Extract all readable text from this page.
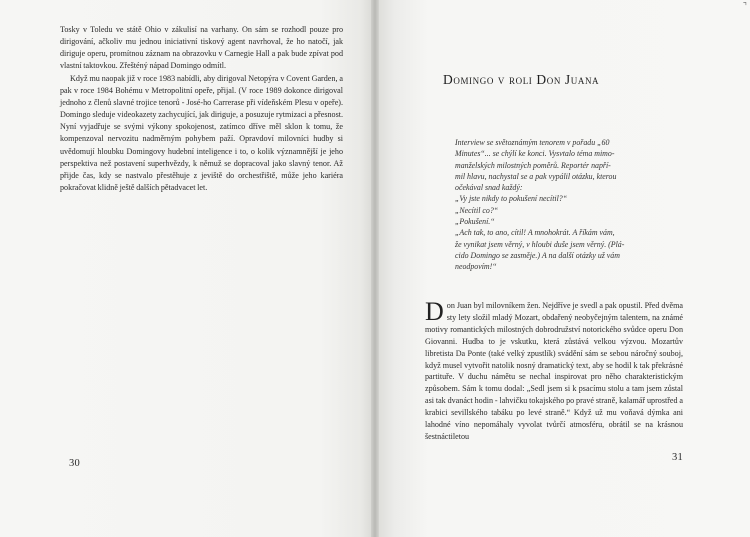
Tosky v Toledu ve státě Ohio v zákulisí na varhany. On sám se rozhodl pouze pro dirigování, ačkoliv mu jednou iniciativní tiskový agent navrhoval, že ho natočí, jak diriguje operu, promítnou záznam na obrazovku v Carnegie Hall a pak bude zpívat pod vlastní taktovkou. Zřešténý nápad Domingo odmítl.

Když mu naopak již v roce 1983 nabídli, aby dirigoval Netopýra v Covent Garden, a pak v roce 1984 Bohému v Metropolitní opeře, přijal. (V roce 1989 dokonce dirigoval jednoho z členů slavné trojice tenorů - José-ho Carrerase při vídeňském Plesu v opeře). Domingo sleduje videokazety zachycující, jak diriguje, a posuzuje rytmizaci a přesnost. Nyní vyjadřuje se svými výkony spokojenost, zatímco dříve měl sklon k tomu, že kompenzoval nervozitu nadměrným pohybem paží. Opravdoví milovníci hudby si uvědomují hloubku Domingovy hudební inteligence i to, o kolik významnější je jeho perspektiva než postavení superhvězdy, k němuž se dopracoval jako slavný tenor. Až přijde čas, kdy se nastvalo přestěhuje z jeviště do orchestřiště, může jeho kariéra pokračovat klidně ještě dalších pětadvacet let.

⌝
30
Domingo v roli Don Juana

Interview se světoznámým tenorem v pořadu „60

Minutes“... se chýlí ke konci. Vysvtalo téma mimo-

manželských milostných poměrů. Reportér napří-

mil hlavu, nachystal se a pak vypálil otázku, kterou

očekával snad každý:

„Vy jste nikdy to pokušení necítil?“

„Necítil co?“

„Pokušení.“

„Ach tak, to ano, cítil! A mnohokrát. A říkám vám,

že vynikat jsem věrný, v hloubi duše jsem věrný. (Plá-

cido Domingo se zasměje.) A na další otázky už vám

neodpovím!“

Don Juan byl milovníkem žen. Nejdříve je svedl a pak opustil. Před dvěma sty lety složil mladý Mozart, obdařený neobyčejným talentem, na známé motivy romantických milostných dobrodružství notorického svůdce operu Don Giovanni. Hudba to je vskutku, která zůstává velkou výzvou. Mozartův libretista Da Ponte (také velký zpustlík) svádění sám se sebou náročný souboj, když musel vytvořit natolik nosný dramatický text, aby se hodil k tak překrásné partituře. V duchu námětu se nechal inspirovat pro něho charakteristickým způsobem. Sám k tomu dodal: „Sedl jsem si k psacímu stolu a tam jsem zůstal asi tak dvanáct hodin - lahvičku tokajského po pravé straně, kalamář uprostřed a krabici sevillského tabáku po levé straně.“ Když už mu voňavá dýmka ani lahodné víno nepomáhaly vyvolat tvůrčí atmosféru, obrátil se na krásnou šestnáctiletou

31
